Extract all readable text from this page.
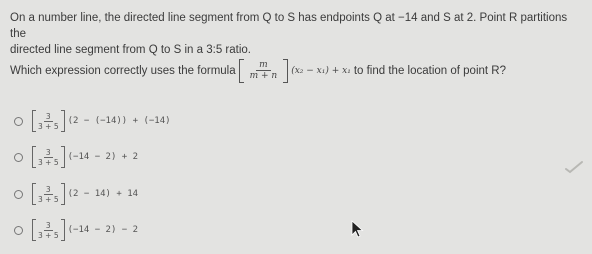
On a number line, the directed line segment from Q to S has endpoints Q at −14 and S at 2. Point R partitions the
directed line segment from Q to S in a 3:5 ratio.
Which expression correctly uses the formula $\frac{m}{m + n} (x_2 - x_1) + x_1$ to find the location of point R?
$\frac{3}{3 + 5} (2 - (-14)) + (-14)$
$\frac{3}{3 + 5} (-14 - 2) + 2$
$\frac{3}{3 + 5} (2 - 14) + 14$
$\frac{3}{3 + 5} (-14 - 2) - 2$
